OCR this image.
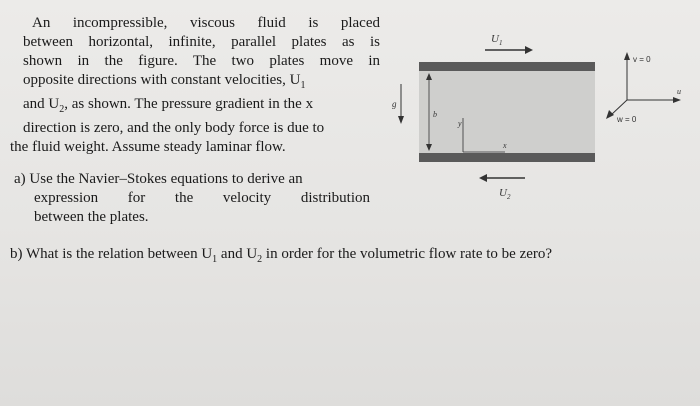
An incompressible, viscous fluid is placed
between horizontal, infinite, parallel plates as is
shown in the figure. The two plates move in
opposite directions with constant velocities, $U_1$
and $U_2$, as shown. The pressure gradient in the x
direction is zero, and the only body force is due to
the fluid weight. Assume steady laminar flow.
a) Use the Navier–Stokes equations to derive an
expression for the velocity distribution
between the plates.
b) What is the relation between $U_1$ and $U_2$ in order for the volumetric flow rate to be zero?
$U_1$
g
b
y
x
$U_2$
v = 0
u
w = 0
